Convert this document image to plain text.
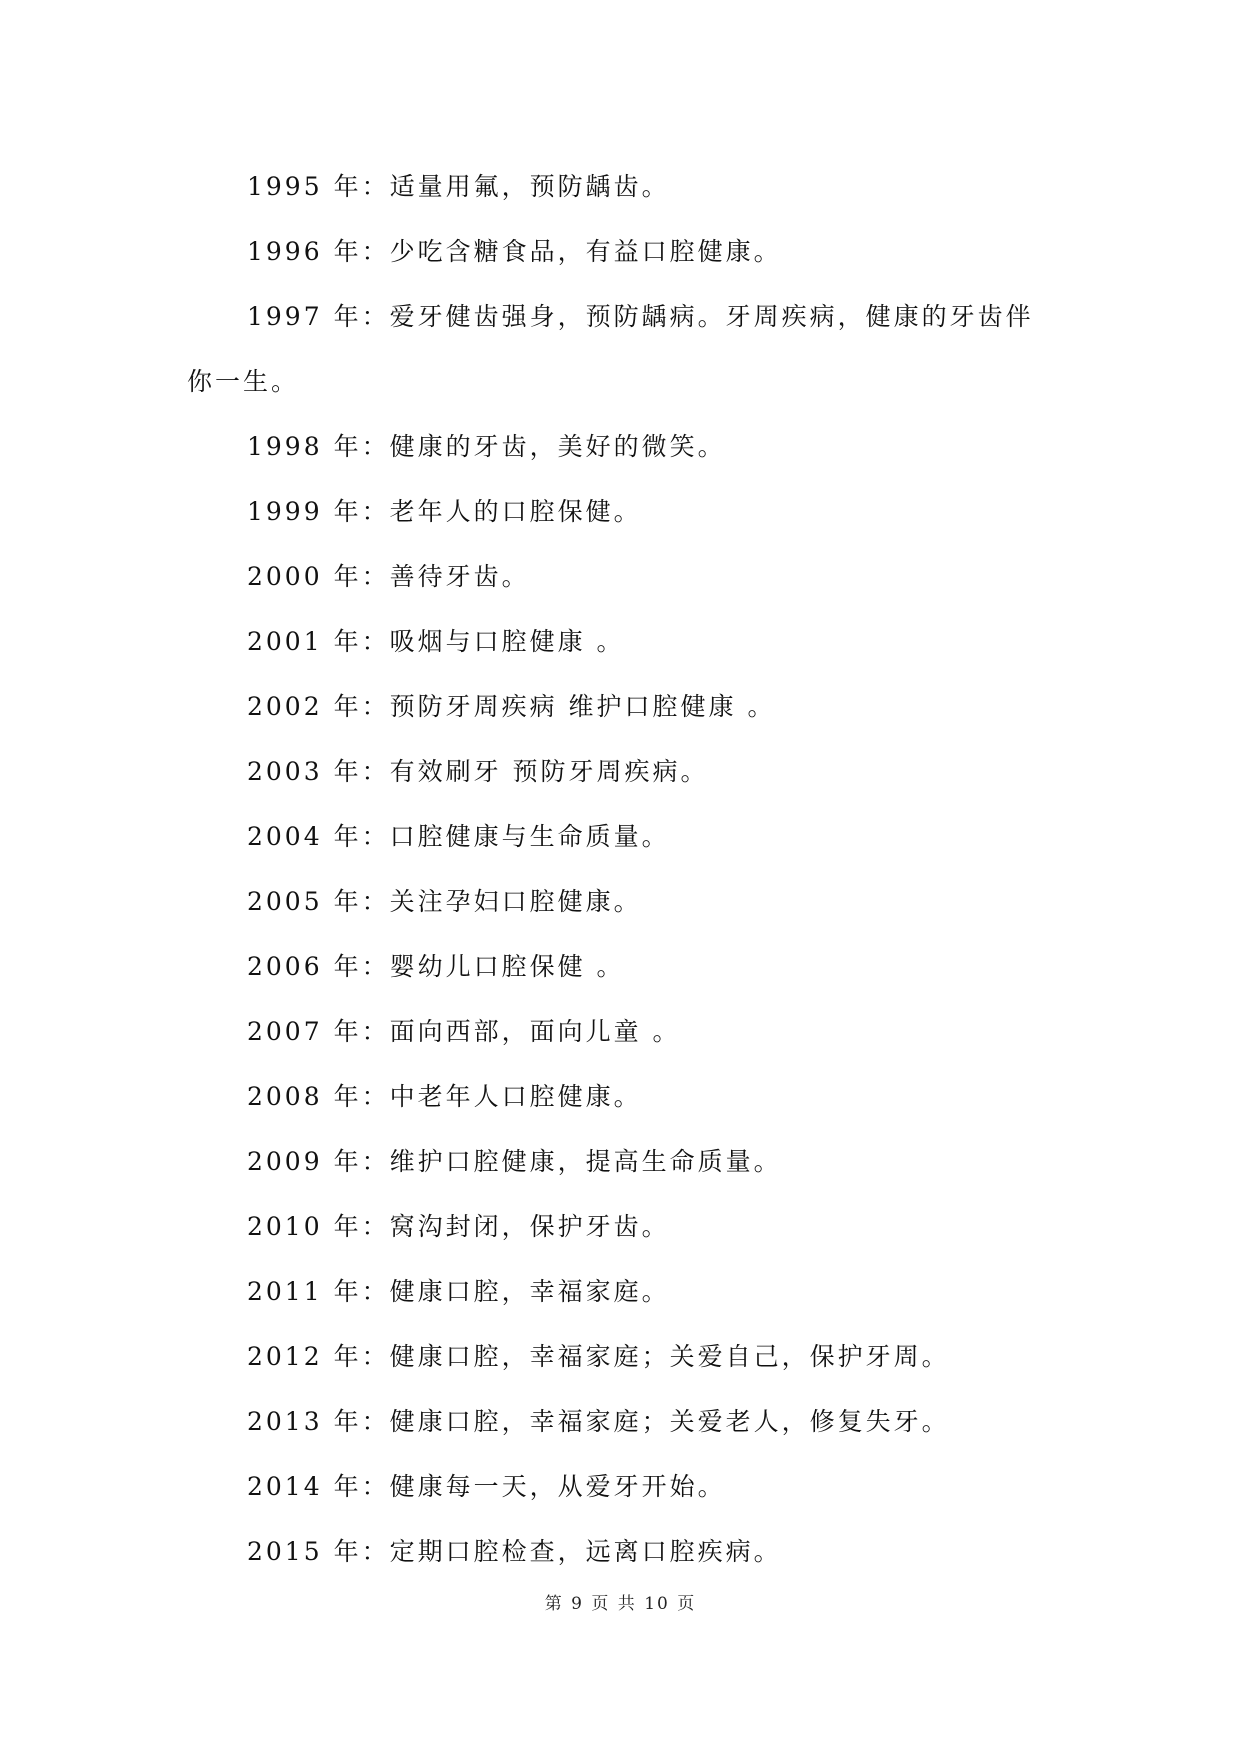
1995 年：适量用氟，预防龋齿。

1996 年：少吃含糖食品，有益口腔健康。

1997 年：爱牙健齿强身，预防龋病。牙周疾病，健康的牙齿伴你一生。

1998 年：健康的牙齿，美好的微笑。

1999 年：老年人的口腔保健。

2000 年：善待牙齿。

2001 年：吸烟与口腔健康 。

2002 年：预防牙周疾病 维护口腔健康 。

2003 年：有效刷牙 预防牙周疾病。

2004 年：口腔健康与生命质量。

2005 年：关注孕妇口腔健康。

2006 年：婴幼儿口腔保健 。

2007 年：面向西部，面向儿童 。

2008 年：中老年人口腔健康。

2009 年：维护口腔健康，提高生命质量。

2010 年：窝沟封闭，保护牙齿。

2011 年：健康口腔，幸福家庭。

2012 年：健康口腔，幸福家庭；关爱自己，保护牙周。

2013 年：健康口腔，幸福家庭；关爱老人，修复失牙。

2014 年：健康每一天，从爱牙开始。

2015 年：定期口腔检查，远离口腔疾病。

第 9 页 共 10 页
